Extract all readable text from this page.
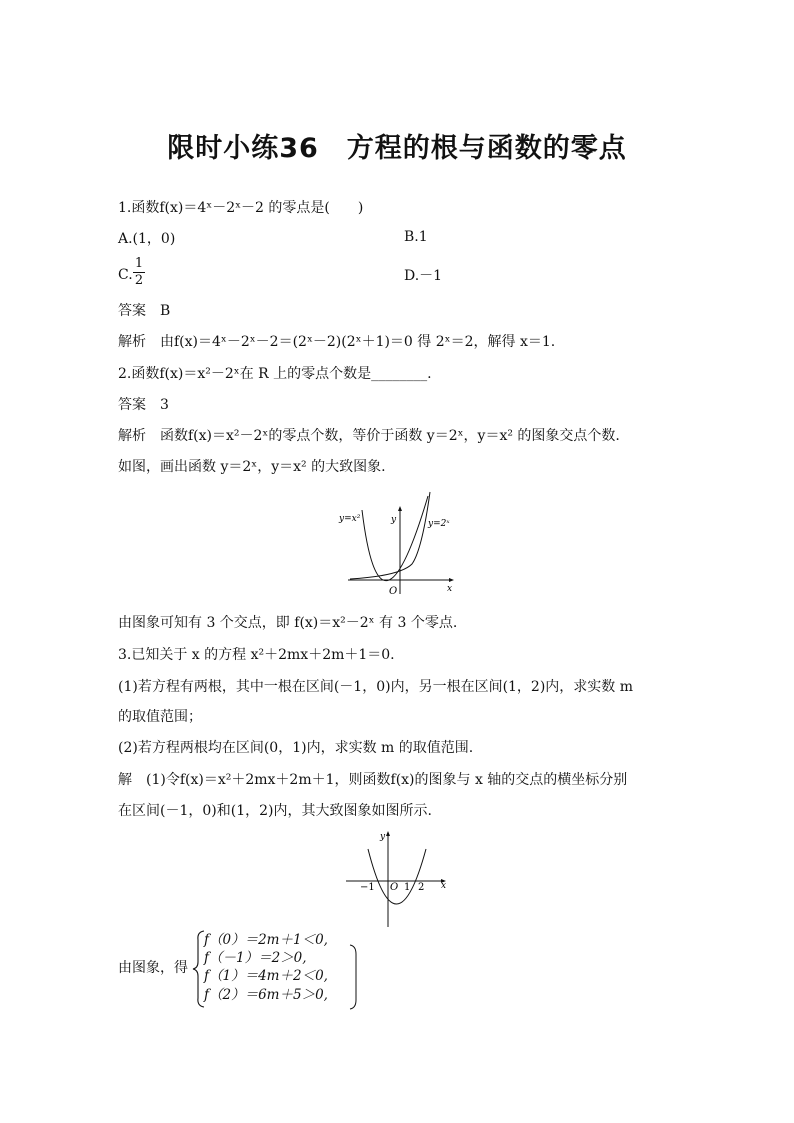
限时小练36　方程的根与函数的零点
1.函数f(x)＝4ˣ－2ˣ－2 的零点是(　　)
A.(1，0)	B.1
C. $\frac{1}{2}$	D.－1
答案　B
解析　由f(x)＝4ˣ－2ˣ－2＝(2ˣ－2)(2ˣ＋1)＝0 得 2ˣ＝2，解得 x＝1.
2.函数f(x)＝x²－2ˣ在 R 上的零点个数是________.
答案　3
解析　函数f(x)＝x²－2ˣ的零点个数，等价于函数 y＝2ˣ，y＝x² 的图象交点个数.
如图，画出函数 y＝2ˣ，y＝x² 的大致图象.
y=x²	y=2ˣ
y
x
O
由图象可知有 3 个交点，即 f(x)＝x²－2ˣ 有 3 个零点.
3.已知关于 x 的方程 x²＋2mx＋2m＋1＝0.
(1)若方程有两根，其中一根在区间(－1，0)内，另一根在区间(1，2)内，求实数 m
的取值范围；
(2)若方程两根均在区间(0，1)内，求实数 m 的取值范围.
解　(1)令f(x)＝x²＋2mx＋2m＋1，则函数f(x)的图象与 x 轴的交点的横坐标分别
在区间(－1，0)和(1，2)内，其大致图象如图所示.
y
x
−1 O 1 2
由图象，得
f（0）＝2m＋1＜0,
f（－1）＝2＞0,
f（1）＝4m＋2＜0,
f（2）＝6m＋5＞0,
